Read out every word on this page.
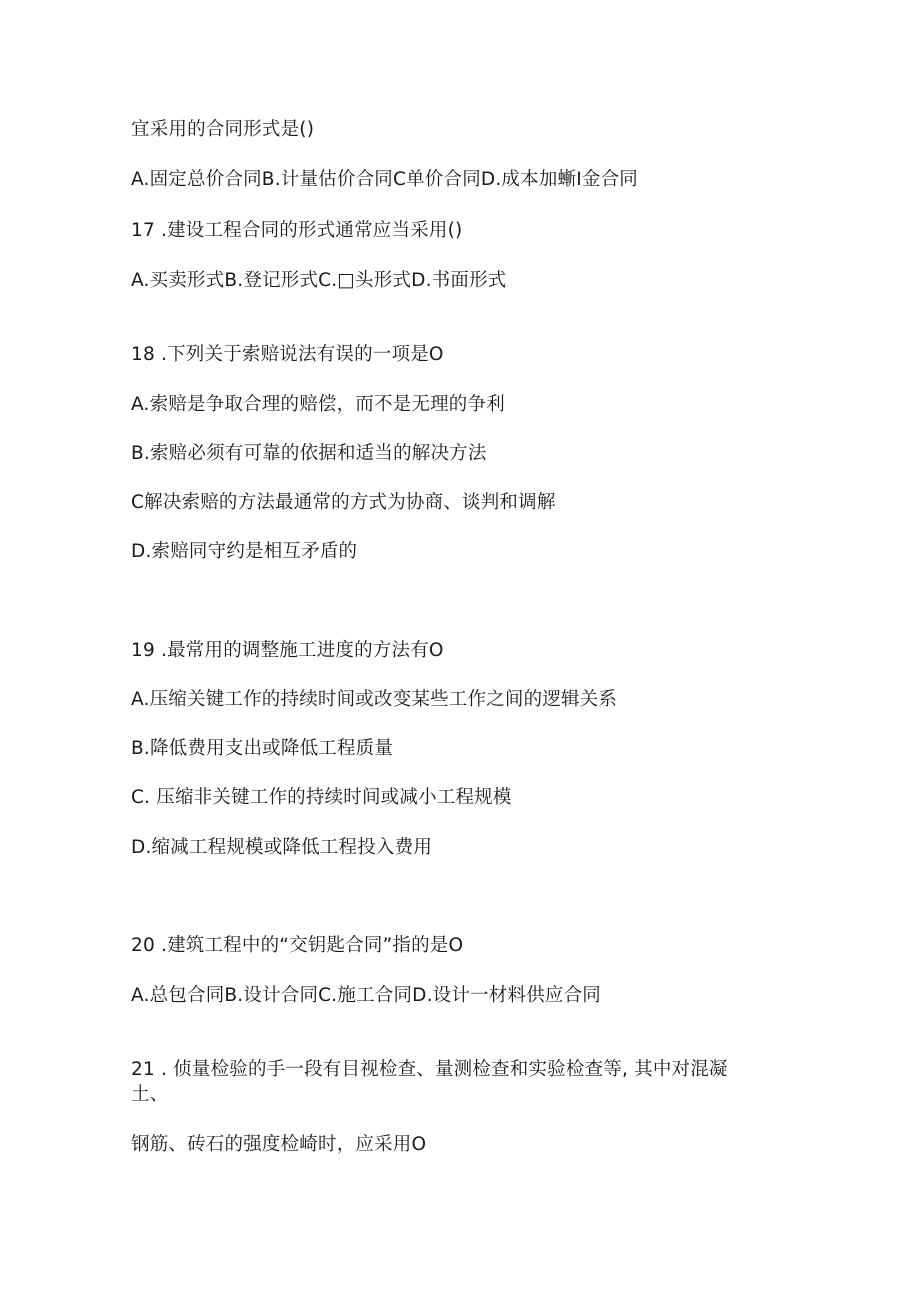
宜采用的合同形式是()
A.固定总价合同B.计量估价合同C单价合同D.成本加螹I金合同
17 .建设工程合同的形式通常应当采用()
A.买卖形式B.登记形式C.□头形式D.书面形式
18 .下列关于索赔说法有误的一项是O
A.索赔是争取合理的赔偿，而不是无理的争利
B.索赔必须有可靠的依据和适当的解决方法
C解决索赔的方法最通常的方式为协商、谈判和调解
D.索赔同守约是相互矛盾的
19 .最常用的调整施工进度的方法有O
A.压缩关键工作的持续时间或改变某些工作之间的逻辑关系
B.降低费用支出或降低工程质量
C. 压缩非关键工作的持续时间或减小工程规模
D.缩减工程规模或降低工程投入费用
20 .建筑工程中的“交钥匙合同”指的是O
A.总包合同B.设计合同C.施工合同D.设计一材料供应合同
21 . 侦量检验的手一段有目视检查、量测检查和实验检查等, 其中对混凝
土、
钢筋、砖石的强度检崎时，应采用O
